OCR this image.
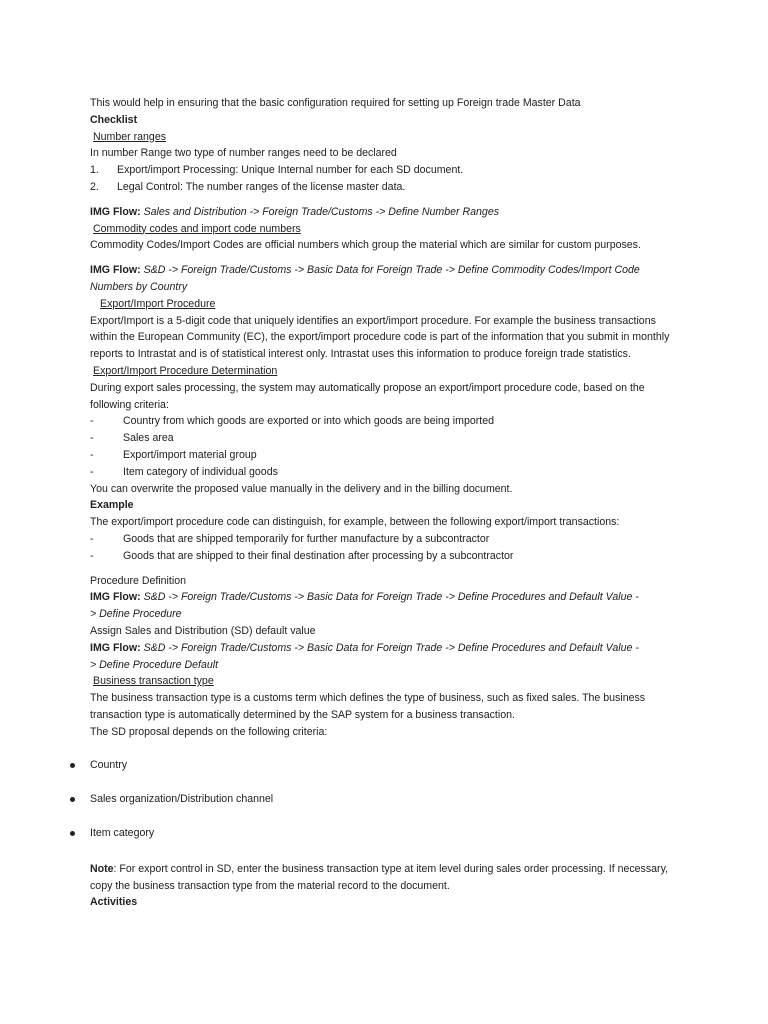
This would help in ensuring that the basic configuration required for setting up Foreign trade Master Data

Checklist

Number ranges

In number Range two type of number ranges need to be declared

1.	Export/import Processing: Unique Internal number for each SD document.
2.	Legal Control: The number ranges of the license master data.

IMG Flow: Sales and Distribution -> Foreign Trade/Customs -> Define Number Ranges

Commodity codes and import code numbers

Commodity Codes/Import Codes are official numbers which group the material which are similar for custom purposes.

IMG Flow: S&D -> Foreign Trade/Customs -> Basic Data for Foreign Trade -> Define Commodity Codes/Import Code

Numbers by Country

Export/Import Procedure

Export/Import is a 5-digit code that uniquely identifies an export/import procedure. For example the business transactions

within the European Community (EC), the export/import procedure code is part of the information that you submit in monthly

reports to Intrastat and is of statistical interest only. Intrastat uses this information to produce foreign trade statistics.

Export/Import Procedure Determination

During export sales processing, the system may automatically propose an export/import procedure code, based on the

following criteria:

-	Country from which goods are exported or into which goods are being imported
-	Sales area
-	Export/import material group
-	Item category of individual goods

You can overwrite the proposed value manually in the delivery and in the billing document.

Example

The export/import procedure code can distinguish, for example, between the following export/import transactions:

-	Goods that are shipped temporarily for further manufacture by a subcontractor
-	Goods that are shipped to their final destination after processing by a subcontractor

Procedure Definition

IMG Flow: S&D -> Foreign Trade/Customs -> Basic Data for Foreign Trade -> Define Procedures and Default Value -

> Define Procedure

Assign Sales and Distribution (SD) default value

IMG Flow: S&D -> Foreign Trade/Customs -> Basic Data for Foreign Trade -> Define Procedures and Default Value -

> Define Procedure Default

Business transaction type

The business transaction type is a customs term which defines the type of business, such as fixed sales. The business

transaction type is automatically determined by the SAP system for a business transaction.

The SD proposal depends on the following criteria:

Country
Sales organization/Distribution channel
Item category

Note: For export control in SD, enter the business transaction type at item level during sales order processing. If necessary,

copy the business transaction type from the material record to the document.

Activities
